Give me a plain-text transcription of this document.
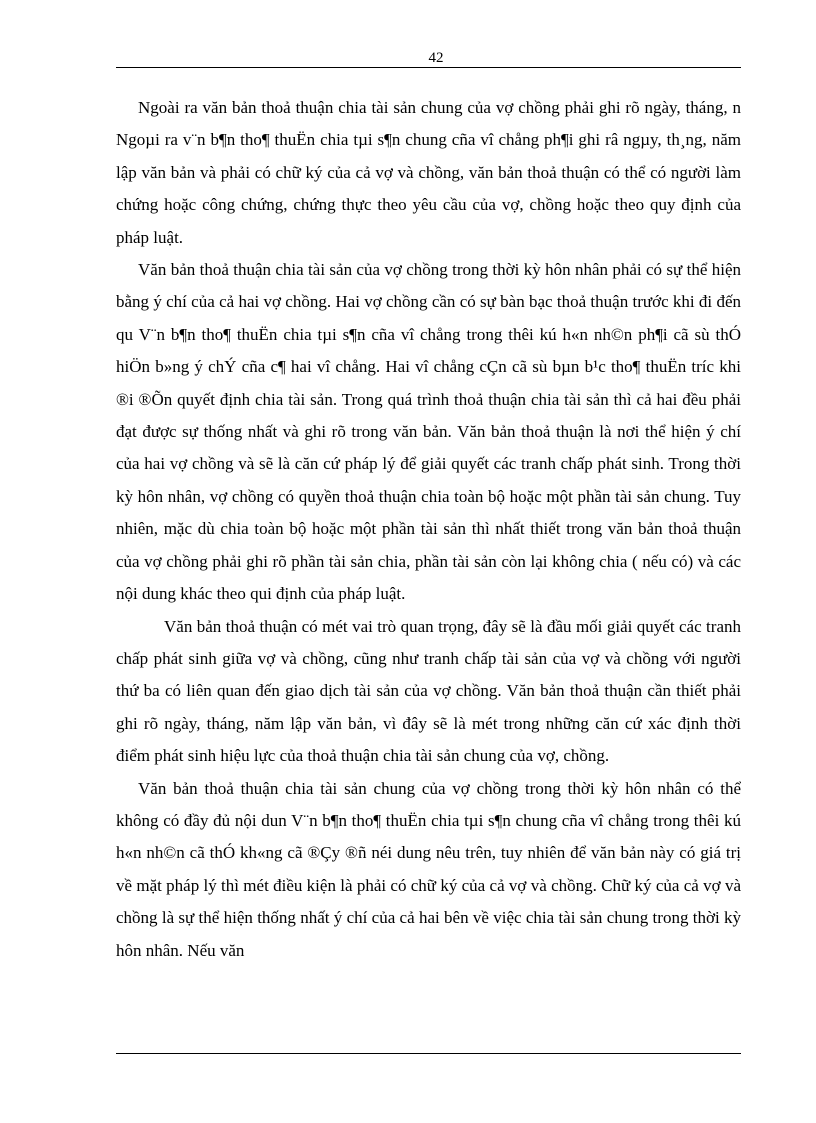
42

Ngoài ra văn bản thoả thuận chia tài sản chung của vợ chồng phải ghi rõ ngày, tháng, n Ngoµi ra v¨n b¶n tho¶ thuËn chia tµi s¶n chung cña vî chång ph¶i ghi râ ngµy, th¸ng, năm lập văn bản và phải có chữ ký của cả vợ và chồng, văn bản thoả thuận có thể có người làm chứng hoặc công chứng, chứng thực theo yêu cầu của vợ, chồng hoặc theo quy định của pháp luật.

Văn bản thoả thuận chia tài sản của vợ chồng trong thời kỳ hôn nhân phải có sự thể hiện bằng ý chí của cả hai vợ chồng. Hai vợ chồng cần có sự bàn bạc thoả thuận trước khi đi đến qu V¨n b¶n tho¶ thuËn chia tµi s¶n cña vî chång trong thêi kú h«n nh©n ph¶i cã sù thÓ hiÖn b»ng ý chÝ cña c¶ hai vî chång. Hai vî chång cÇn cã sù bµn b¹c tho¶ thuËn tríc khi ®i ®Õn quyết định chia tài sản. Trong quá trình thoả thuận chia tài sản thì cả hai đều phải đạt được sự thống nhất và ghi rõ trong văn bản. Văn bản thoả thuận là nơi thể hiện ý chí của hai vợ chồng và sẽ là căn cứ pháp lý để giải quyết các tranh chấp phát sinh. Trong thời kỳ hôn nhân, vợ chồng có quyền thoả thuận chia toàn bộ hoặc một phần tài sản chung. Tuy nhiên, mặc dù chia toàn bộ hoặc một phần tài sản thì nhất thiết trong văn bản thoả thuận của vợ chồng phải ghi rõ phần tài sản chia, phần tài sản còn lại không chia ( nếu có) và các nội dung khác theo qui định của pháp luật.

Văn bản thoả thuận có mét vai trò quan trọng, đây sẽ là đầu mối giải quyết các tranh chấp phát sinh giữa vợ và chồng, cũng như tranh chấp tài sản của vợ và chồng với người thứ ba có liên quan đến giao dịch tài sản của vợ chồng. Văn bản thoả thuận cần thiết phải ghi rõ ngày, tháng, năm lập văn bản, vì đây sẽ là mét trong những căn cứ xác định thời điểm phát sinh hiệu lực của thoả thuận chia tài sản chung của vợ, chồng.

Văn bản thoả thuận chia tài sản chung của vợ chồng trong thời kỳ hôn nhân có thể không có đầy đủ nội dun V¨n b¶n tho¶ thuËn chia tµi s¶n chung cña vî chång trong thêi kú h«n nh©n cã thÓ kh«ng cã ®Çy ®ñ néi dung nêu trên, tuy nhiên để văn bản này có giá trị về mặt pháp lý thì mét điều kiện là phải có chữ ký của cả vợ và chồng. Chữ ký của cả vợ và chồng là sự thể hiện thống nhất ý chí của cả hai bên về việc chia tài sản chung trong thời kỳ hôn nhân. Nếu văn
